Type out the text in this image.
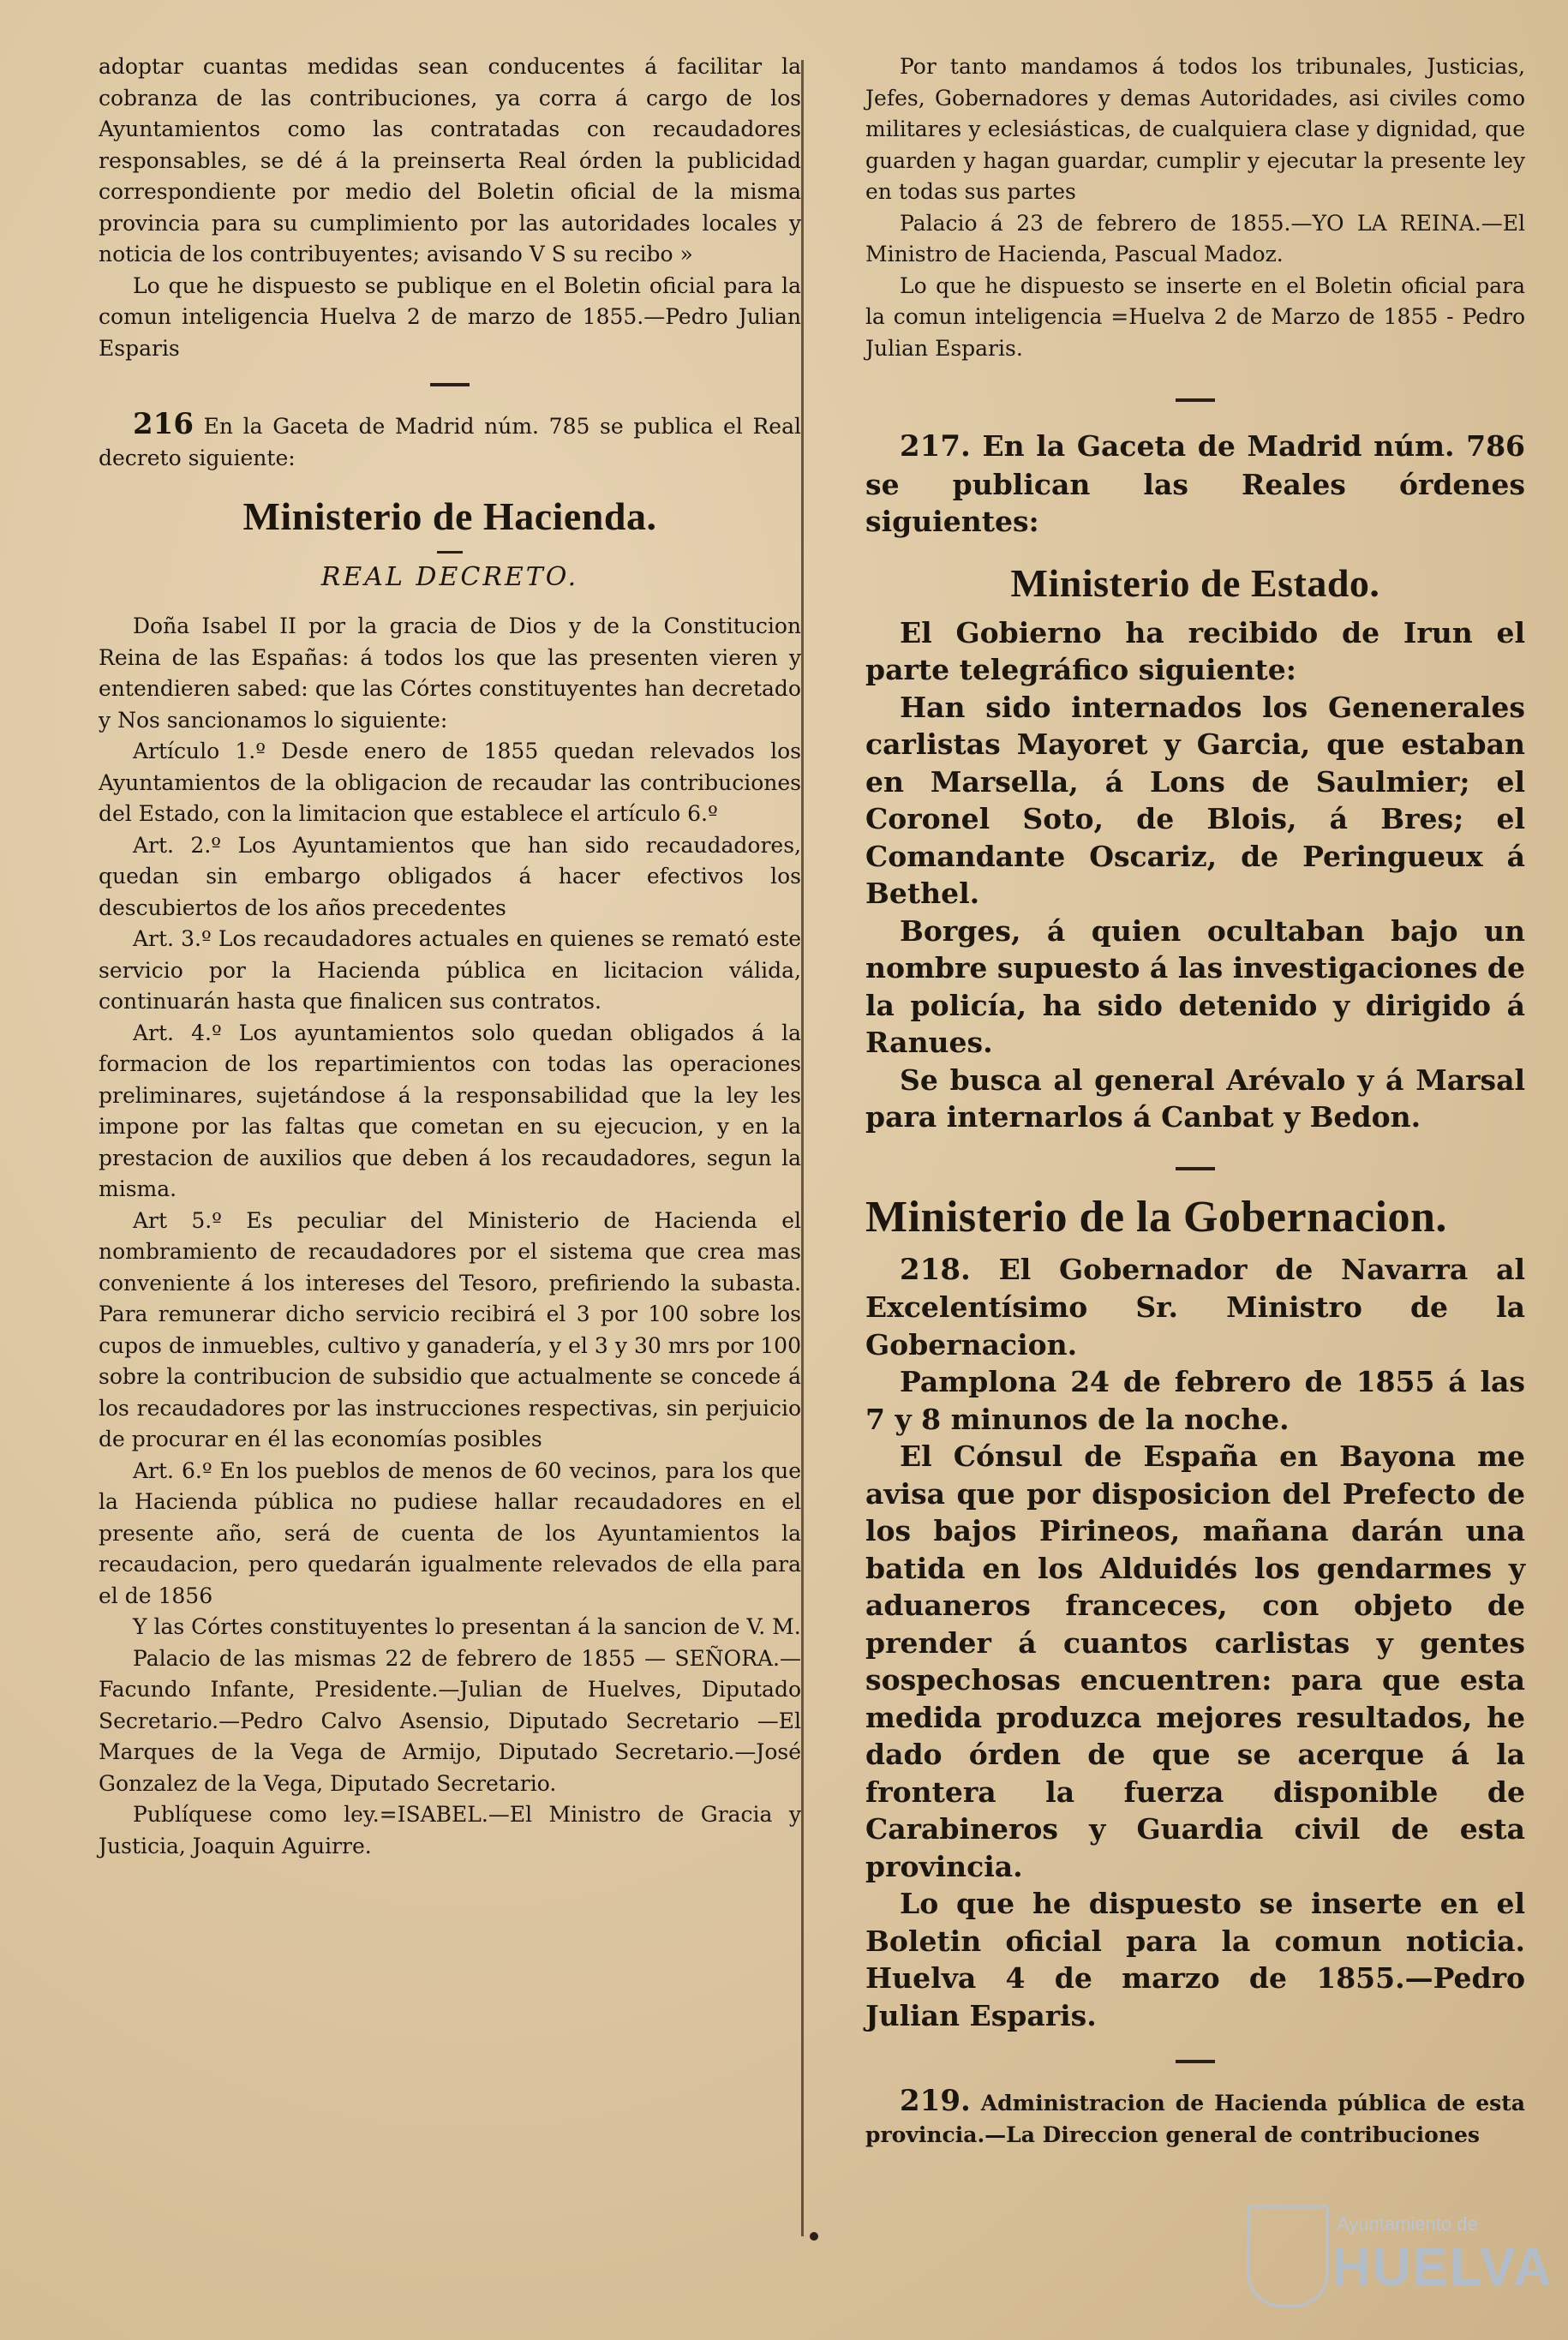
adoptar cuantas medidas sean conducentes á facilitar la cobranza de las contribuciones, ya corra á cargo de los Ayuntamientos como las contratadas con recaudadores responsables, se dé á la preinserta Real órden la publicidad correspondiente por medio del Boletin oficial de la misma provincia para su cumplimiento por las autoridades locales y noticia de los contribuyentes; avisando V S su recibo »

Lo que he dispuesto se publique en el Boletin oficial para la comun inteligencia Huelva 2 de marzo de 1855.—Pedro Julian Esparis

216 En la Gaceta de Madrid núm. 785 se publica el Real decreto siguiente:

Ministerio de Hacienda.
REAL DECRETO.

Doña Isabel II por la gracia de Dios y de la Constitucion Reina de las Españas: á todos los que las presenten vieren y entendieren sabed: que las Córtes constituyentes han decretado y Nos sancionamos lo siguiente:

Artículo 1.º Desde enero de 1855 quedan relevados los Ayuntamientos de la obligacion de recaudar las contribuciones del Estado, con la limitacion que establece el artículo 6.º

Art. 2.º Los Ayuntamientos que han sido recaudadores, quedan sin embargo obligados á hacer efectivos los descubiertos de los años precedentes

Art. 3.º Los recaudadores actuales en quienes se remató este servicio por la Hacienda pública en licitacion válida, continuarán hasta que finalicen sus contratos.

Art. 4.º Los ayuntamientos solo quedan obligados á la formacion de los repartimientos con todas las operaciones preliminares, sujetándose á la responsabilidad que la ley les impone por las faltas que cometan en su ejecucion, y en la prestacion de auxilios que deben á los recaudadores, segun la misma.

Art 5.º Es peculiar del Ministerio de Hacienda el nombramiento de recaudadores por el sistema que crea mas conveniente á los intereses del Tesoro, prefiriendo la subasta. Para remunerar dicho servicio recibirá el 3 por 100 sobre los cupos de inmuebles, cultivo y ganadería, y el 3 y 30 mrs por 100 sobre la contribucion de subsidio que actualmente se concede á los recaudadores por las instrucciones respectivas, sin perjuicio de procurar en él las economías posibles

Art. 6.º En los pueblos de menos de 60 vecinos, para los que la Hacienda pública no pudiese hallar recaudadores en el presente año, será de cuenta de los Ayuntamientos la recaudacion, pero quedarán igualmente relevados de ella para el de 1856

Y las Córtes constituyentes lo presentan á la sancion de V. M.

Palacio de las mismas 22 de febrero de 1855 — SEÑORA.—Facundo Infante, Presidente.—Julian de Huelves, Diputado Secretario.—Pedro Calvo Asensio, Diputado Secretario —El Marques de la Vega de Armijo, Diputado Secretario.—José Gonzalez de la Vega, Diputado Secretario.

Publíquese como ley.=ISABEL.—El Ministro de Gracia y Justicia, Joaquin Aguirre.

Por tanto mandamos á todos los tribunales, Justicias, Jefes, Gobernadores y demas Autoridades, asi civiles como militares y eclesiásticas, de cualquiera clase y dignidad, que guarden y hagan guardar, cumplir y ejecutar la presente ley en todas sus partes

Palacio á 23 de febrero de 1855.—YO LA REINA.—El Ministro de Hacienda, Pascual Madoz.

Lo que he dispuesto se inserte en el Boletin oficial para la comun inteligencia =Huelva 2 de Marzo de 1855 - Pedro Julian Esparis.

217. En la Gaceta de Madrid núm. 786 se publican las Reales órdenes siguientes:

Ministerio de Estado.

El Gobierno ha recibido de Irun el parte telegráfico siguiente:

Han sido internados los Genenerales carlistas Mayoret y Garcia, que estaban en Marsella, á Lons de Saulmier; el Coronel Soto, de Blois, á Bres; el Comandante Oscariz, de Peringueux á Bethel.

Borges, á quien ocultaban bajo un nombre supuesto á las investigaciones de la policía, ha sido detenido y dirigido á Ranues.

Se busca al general Arévalo y á Marsal para internarlos á Canbat y Bedon.

Ministerio de la Gobernacion.

218. El Gobernador de Navarra al Excelentísimo Sr. Ministro de la Gobernacion.

Pamplona 24 de febrero de 1855 á las 7 y 8 minunos de la noche.

El Cónsul de España en Bayona me avisa que por disposicion del Prefecto de los bajos Pirineos, mañana darán una batida en los Alduidés los gendarmes y aduaneros franceces, con objeto de prender á cuantos carlistas y gentes sospechosas encuentren: para que esta medida produzca mejores resultados, he dado órden de que se acerque á la frontera la fuerza disponible de Carabineros y Guardia civil de esta provincia.

Lo que he dispuesto se inserte en el Boletin oficial para la comun noticia. Huelva 4 de marzo de 1855.—Pedro Julian Esparis.

219. Administracion de Hacienda pública de esta provincia.—La Direccion general de contribuciones

Ayuntamiento de
HUELVA
